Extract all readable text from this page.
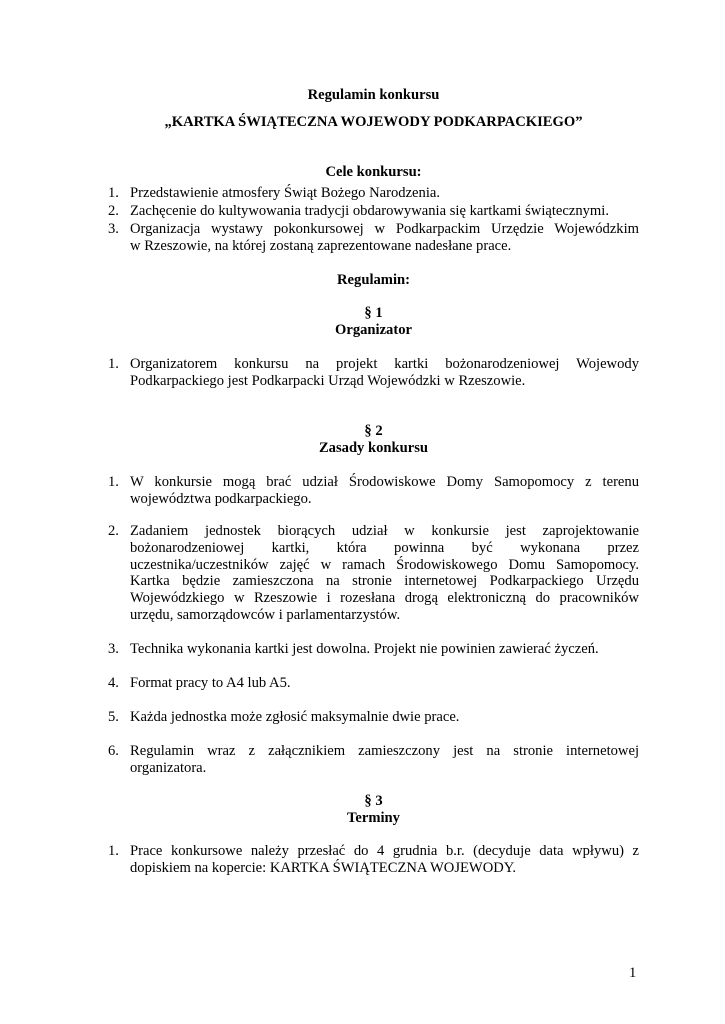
Regulamin konkursu

„KARTKA ŚWIĄTECZNA WOJEWODY PODKARPACKIEGO”

Cele konkursu:

1. Przedstawienie atmosfery Świąt Bożego Narodzenia.
2. Zachęcenie do kultywowania tradycji obdarowywania się kartkami świątecznymi.
3. Organizacja wystawy pokonkursowej w Podkarpackim Urzędzie Wojewódzkim
w Rzeszowie, na której zostaną zaprezentowane nadesłane prace.

Regulamin:

§ 1

Organizator

1. Organizatorem konkursu na projekt kartki bożonarodzeniowej Wojewody
Podkarpackiego jest Podkarpacki Urząd Wojewódzki w Rzeszowie.

§ 2

Zasady konkursu

1. W konkursie mogą brać udział Środowiskowe Domy Samopomocy z terenu
województwa podkarpackiego.
2. Zadaniem jednostek biorących udział w konkursie jest zaprojektowanie
bożonarodzeniowej kartki, która powinna być wykonana przez
uczestnika/uczestników zajęć w ramach Środowiskowego Domu Samopomocy.
Kartka będzie zamieszczona na stronie internetowej Podkarpackiego Urzędu
Wojewódzkiego w Rzeszowie i rozesłana drogą elektroniczną do pracowników
urzędu, samorządowców i parlamentarzystów.
3. Technika wykonania kartki jest dowolna. Projekt nie powinien zawierać życzeń.
4. Format pracy to A4 lub A5.
5. Każda jednostka może zgłosić maksymalnie dwie prace.
6. Regulamin wraz z załącznikiem zamieszczony jest na stronie internetowej
organizatora.

§ 3

Terminy

1. Prace konkursowe należy przesłać do 4 grudnia b.r. (decyduje data wpływu) z
dopiskiem na kopercie: KARTKA ŚWIĄTECZNA WOJEWODY.

1
